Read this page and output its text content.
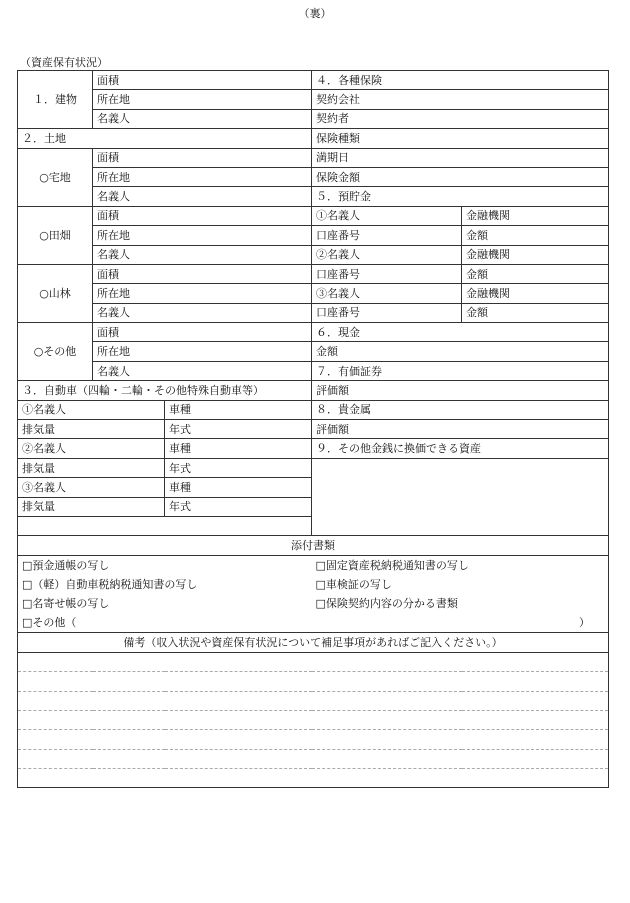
（裏）
（資産保有状況）
１．建物	面積		４．各種保険	
	所在地		契約会社	
	名義人		契約者	
２．土地			保険種類	
○宅地	面積		満期日	
	所在地		保険金額	
	名義人		５．預貯金	
○田畑	面積		①名義人	金融機関
	所在地		口座番号	金額
	名義人		②名義人	金融機関
○山林	面積		口座番号	金額
	所在地		③名義人	金融機関
	名義人		口座番号	金額
○その他	面積		６．現金	
	所在地		金額	
	名義人		７．有価証券	
３．自動車（四輪・二輪・その他特殊自動車等）			評価額	
①名義人		車種	８．貴金属	
排気量		年式	評価額	
②名義人		車種	９．その他金銭に換価できる資産	
排気量		年式		
③名義人		車種		
排気量		年式		

添付書類				
□預金通帳の写し			□固定資産税納税通知書の写し	
□（軽）自動車税納税通知書の写し			□車検証の写し	
□名寄せ帳の写し			□保険契約内容の分かる書類	
□その他（ ）				

備考（収入状況や資産保有状況について補足事項があればご記入ください。）				
